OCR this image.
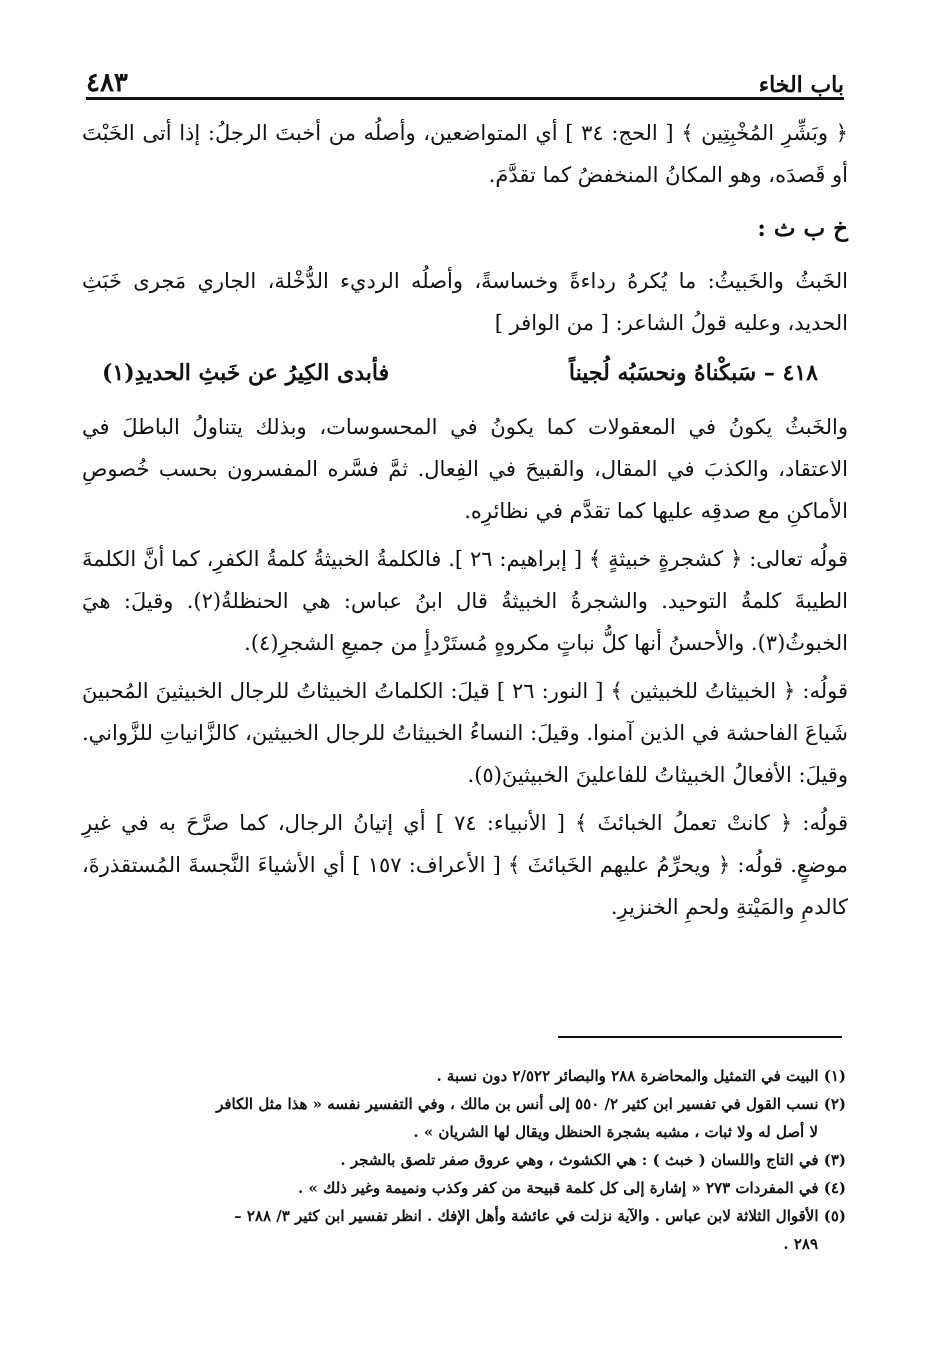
باب الخاء
٤٨٣

﴿ وبَشِّرِ المُخْبِتِين ﴾ [ الحج: ٣٤ ] أي المتواضعين، وأصلُه من أخبتَ الرجلُ: إذا أتى الخَبْتَ أو قَصدَه، وهو المكانُ المنخفضُ كما تقدَّمَ.

خ ب ث :

الخَبثُ والخَبيثُ: ما يُكرهُ رداءةً وخساسةً، وأصلُه الرديء الدُّخْلة، الجاري مَجرى خَبَثِ الحديد، وعليه قولُ الشاعر: [ من الوافر ]

٤١٨ – سَبكْناهُ ونحسَبُه لُجيناً
فأبدى الكِيرُ عن خَبثِ الحديدِ(١)

والخَبثُ يكونُ في المعقولات كما يكونُ في المحسوسات، وبذلك يتناولُ الباطلَ في الاعتقاد، والكذبَ في المقال، والقبيحَ في الفِعال. ثمَّ فسَّره المفسرون بحسب خُصوصِ الأماكنِ مع صدقِه عليها كما تقدَّم في نظائرِه.

قولُه تعالى: ﴿ كشجرةٍ خبيثةٍ ﴾ [ إبراهيم: ٢٦ ]. فالكلمةُ الخبيثةُ كلمةُ الكفرِ، كما أنَّ الكلمةَ الطيبةَ كلمةُ التوحيد. والشجرةُ الخبيثةُ قال ابنُ عباس: هي الحنظلةُ(٢). وقيلَ: هيَ الخبوثُ(٣). والأحسنُ أنها كلُّ نباتٍ مكروهٍ مُستَرْدأٍ من جميعِ الشجرِ(٤).

قولُه: ﴿ الخبيثاتُ للخبيثين ﴾ [ النور: ٢٦ ] قيلَ: الكلماتُ الخبيثاتُ للرجال الخبيثينَ المُحبينَ شَياعَ الفاحشة في الذين آمنوا. وقيلَ: النساءُ الخبيثاتُ للرجال الخبيثين، كالزَّانياتِ للزَّواني. وقيلَ: الأفعالُ الخبيثاتُ للفاعلينَ الخبيثينَ(٥).

قولُه: ﴿ كانتْ تعملُ الخبائثَ ﴾ [ الأنبياء: ٧٤ ] أي إتيانُ الرجال، كما صرَّحَ به في غيرِ موضعٍ. قولُه: ﴿ ويحرِّمُ عليهم الخَبائثَ ﴾ [ الأعراف: ١٥٧ ] أي الأشياءَ النَّجسةَ المُستقذرةَ، كالدمِ والمَيْتةِ ولحمِ الخنزيرِ.

(١) البيت في التمثيل والمحاضرة ٢٨٨ والبصائر ٢/٥٢٢ دون نسبة .
(٢) نسب القول في تفسير ابن كثير ٢/ ٥٥٠ إلى أنس بن مالك ، وفي التفسير نفسه « هذا مثل الكافر
لا أصل له ولا ثبات ، مشبه بشجرة الحنظل ويقال لها الشريان » .
(٣) في التاج واللسان ( خبث ) : هي الكشوث ، وهي عروق صفر تلصق بالشجر .
(٤) في المفردات ٢٧٣ « إشارة إلى كل كلمة قبيحة من كفر وكذب ونميمة وغير ذلك » .
(٥) الأقوال الثلاثة لابن عباس . والآية نزلت في عائشة وأهل الإفك . انظر تفسير ابن كثير ٣/ ٢٨٨ –
٢٨٩ .
